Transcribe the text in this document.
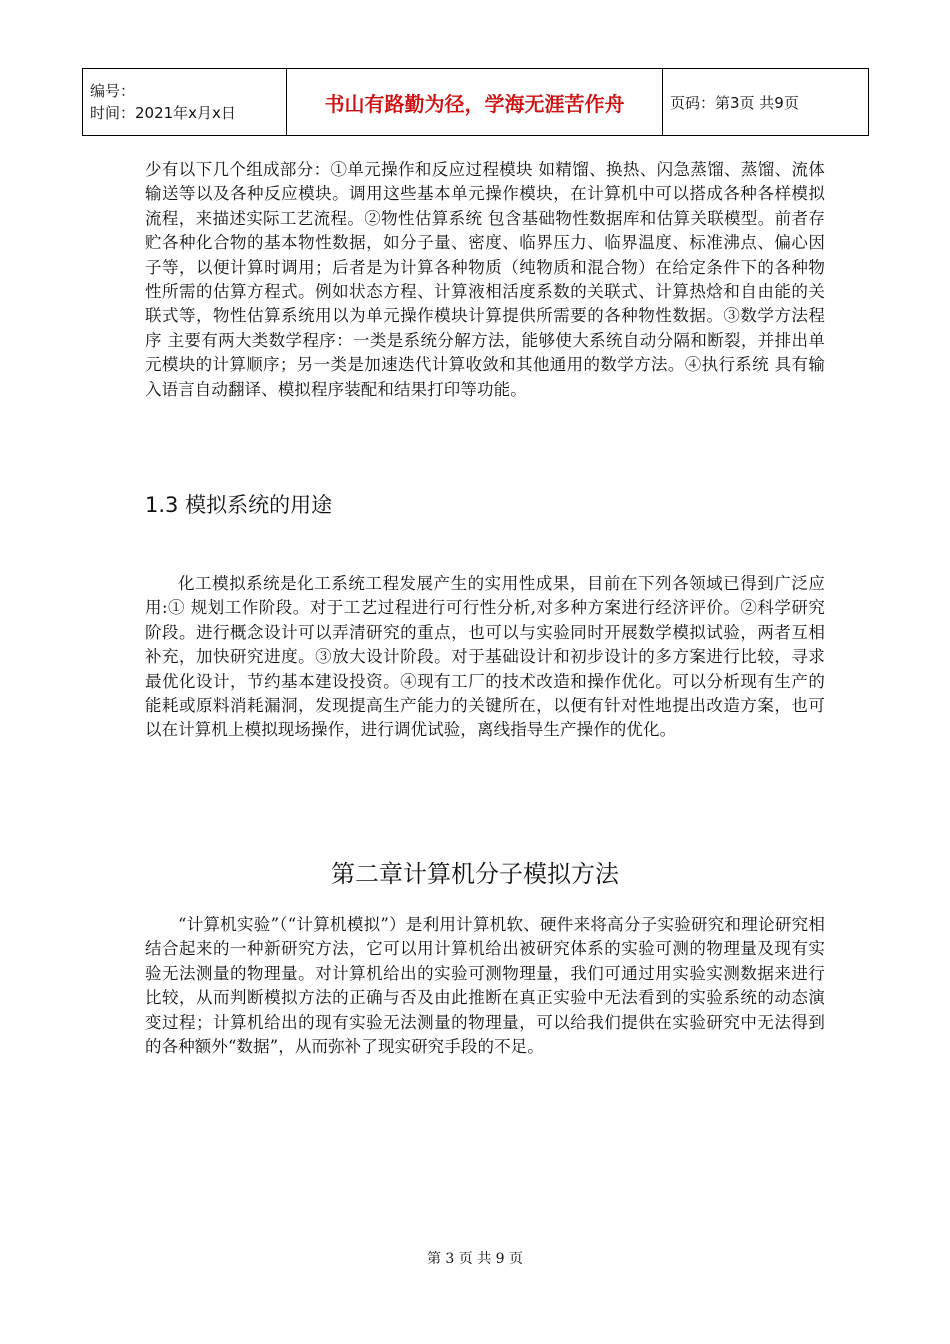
编号：
时间：2021年x月x日	书山有路勤为径，学海无涯苦作舟	页码：第3页 共9页

少有以下几个组成部分：①单元操作和反应过程模块 如精馏、换热、闪急蒸馏、蒸馏、流体输送等以及各种反应模块。调用这些基本单元操作模块，在计算机中可以搭成各种各样模拟流程，来描述实际工艺流程。②物性估算系统 包含基础物性数据库和估算关联模型。前者存贮各种化合物的基本物性数据，如分子量、密度、临界压力、临界温度、标准沸点、偏心因子等，以便计算时调用；后者是为计算各种物质（纯物质和混合物）在给定条件下的各种物性所需的估算方程式。例如状态方程、计算液相活度系数的关联式、计算热焓和自由能的关联式等，物性估算系统用以为单元操作模块计算提供所需要的各种物性数据。③数学方法程序 主要有两大类数学程序：一类是系统分解方法，能够使大系统自动分隔和断裂，并排出单元模块的计算顺序；另一类是加速迭代计算收敛和其他通用的数学方法。④执行系统 具有输入语言自动翻译、模拟程序装配和结果打印等功能。

1.3 模拟系统的用途

化工模拟系统是化工系统工程发展产生的实用性成果，目前在下列各领域已得到广泛应用:① 规划工作阶段。对于工艺过程进行可行性分析,对多种方案进行经济评价。②科学研究阶段。进行概念设计可以弄清研究的重点，也可以与实验同时开展数学模拟试验，两者互相补充，加快研究进度。③放大设计阶段。对于基础设计和初步设计的多方案进行比较，寻求最优化设计，节约基本建设投资。④现有工厂的技术改造和操作优化。可以分析现有生产的能耗或原料消耗漏洞，发现提高生产能力的关键所在，以便有针对性地提出改造方案，也可以在计算机上模拟现场操作，进行调优试验，离线指导生产操作的优化。

第二章计算机分子模拟方法

“计算机实验”（“计算机模拟”）是利用计算机软、硬件来将高分子实验研究和理论研究相结合起来的一种新研究方法，它可以用计算机给出被研究体系的实验可测的物理量及现有实验无法测量的物理量。对计算机给出的实验可测物理量，我们可通过用实验实测数据来进行比较，从而判断模拟方法的正确与否及由此推断在真正实验中无法看到的实验系统的动态演变过程；计算机给出的现有实验无法测量的物理量，可以给我们提供在实验研究中无法得到的各种额外“数据”，从而弥补了现实研究手段的不足。

第 3 页 共 9 页
